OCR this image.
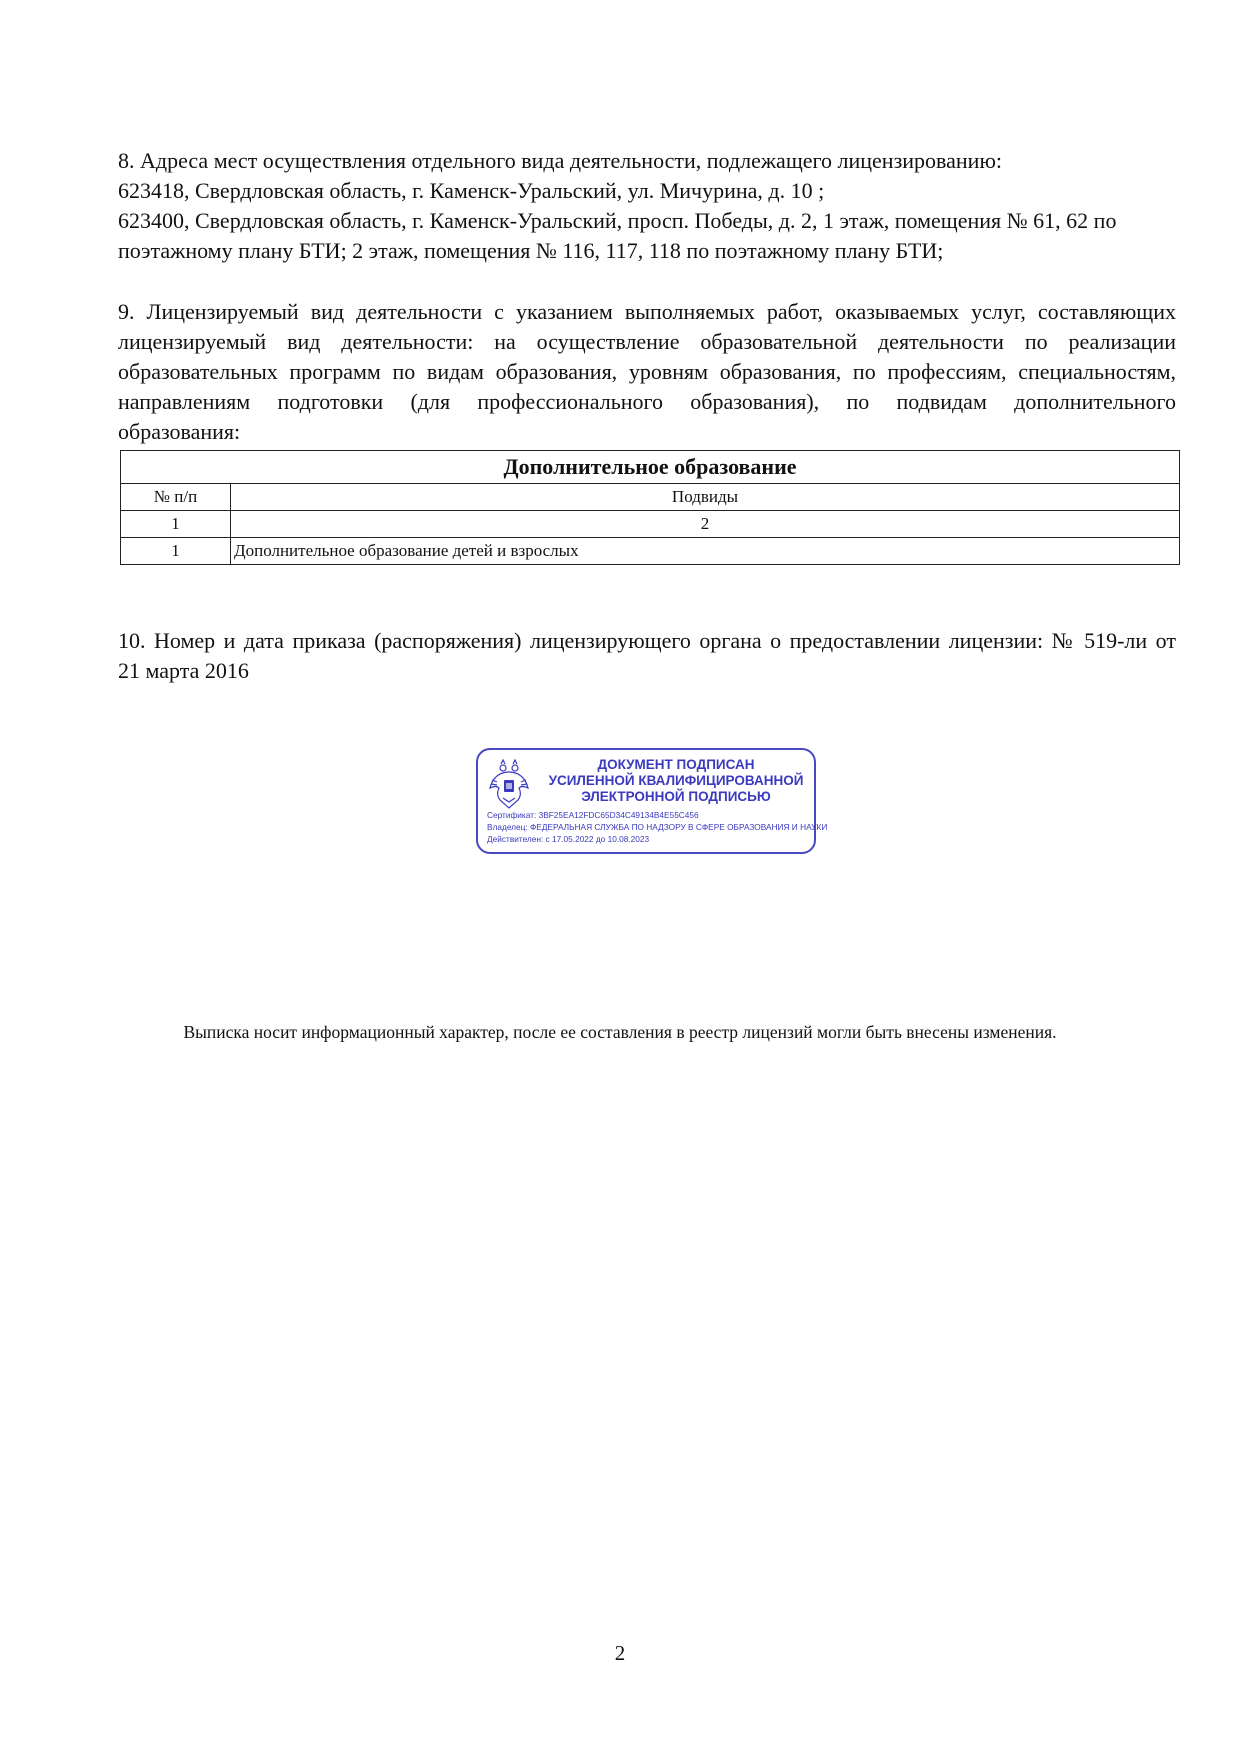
8. Адреса мест осуществления отдельного вида деятельности, подлежащего лицензированию:
623418, Свердловская область, г. Каменск-Уральский, ул. Мичурина, д. 10 ;
623400, Свердловская область, г. Каменск-Уральский, просп. Победы, д. 2, 1 этаж, помещения № 61, 62 по
поэтажному плану БТИ; 2 этаж, помещения № 116, 117, 118 по поэтажному плану БТИ;
9. Лицензируемый вид деятельности с указанием выполняемых работ, оказываемых услуг, составляющих
лицензируемый вид деятельности: на осуществление образовательной деятельности по реализации
образовательных программ по видам образования, уровням образования, по профессиям, специальностям,
направлениям подготовки (для профессионального образования), по подвидам дополнительного
образования:
Дополнительное образование	
№ п/п	Подвиды
1	2
1	Дополнительное образование детей и взрослых
10. Номер и дата приказа (распоряжения) лицензирующего органа о предоставлении лицензии: № 519-ли от
21 марта 2016
ДОКУМЕНТ ПОДПИСАН
УСИЛЕННОЙ КВАЛИФИЦИРОВАННОЙ
ЭЛЕКТРОННОЙ ПОДПИСЬЮ
Сертификат: 3BF25EA12FDC65D34C49134B4E55C456
Владелец: ФЕДЕРАЛЬНАЯ СЛУЖБА ПО НАДЗОРУ В СФЕРЕ ОБРАЗОВАНИЯ И НАУКИ
Действителен: с 17.05.2022 до 10.08.2023
Выписка носит информационный характер, после ее составления в реестр лицензий могли быть внесены изменения.
2
